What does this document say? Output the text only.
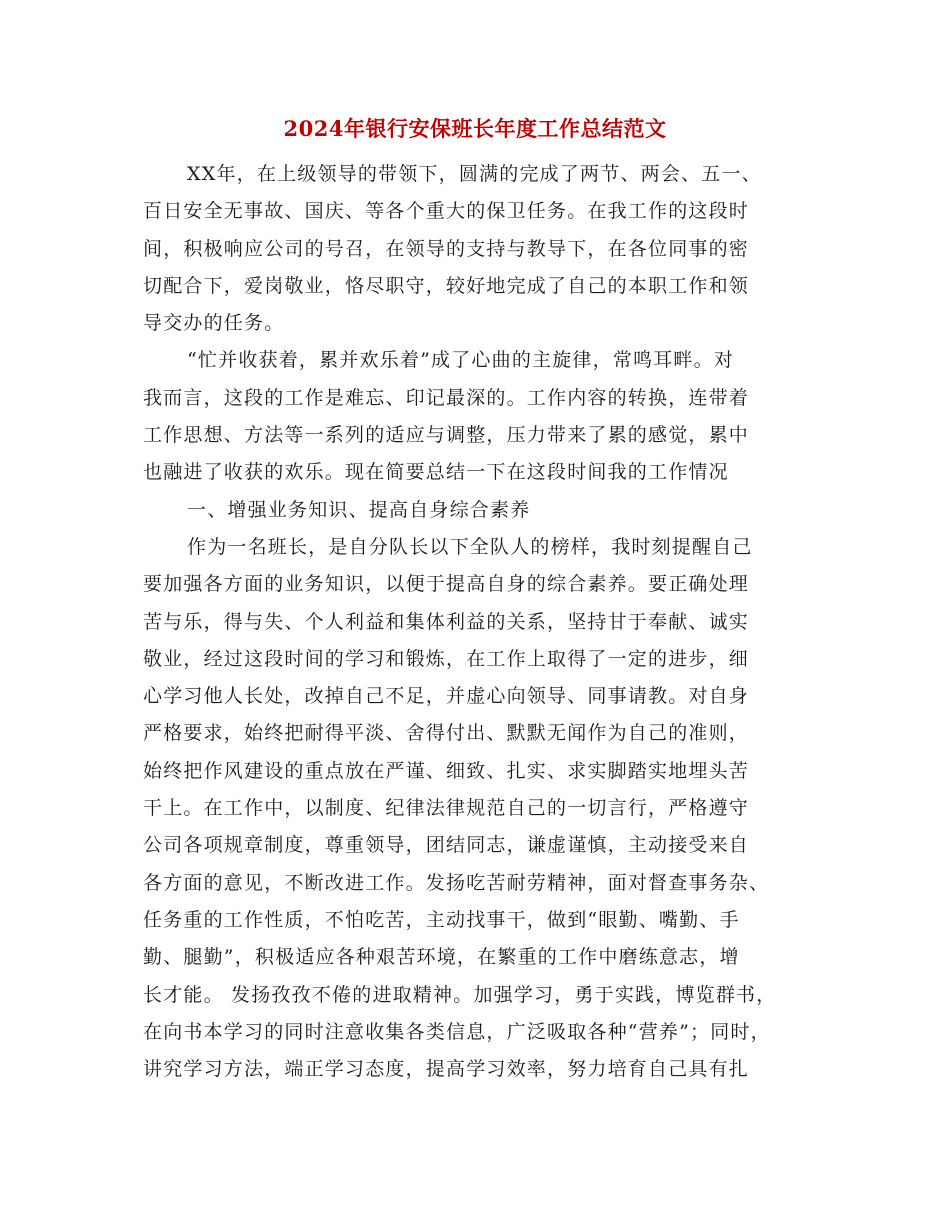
2024年银行安保班长年度工作总结范文
XX年，在上级领导的带领下，圆满的完成了两节、两会、五一、
百日安全无事故、国庆、等各个重大的保卫任务。在我工作的这段时
间，积极响应公司的号召，在领导的支持与教导下，在各位同事的密
切配合下，爱岗敬业，恪尽职守，较好地完成了自己的本职工作和领
导交办的任务。
“忙并收获着，累并欢乐着”成了心曲的主旋律，常鸣耳畔。对
我而言，这段的工作是难忘、印记最深的。工作内容的转换，连带着
工作思想、方法等一系列的适应与调整，压力带来了累的感觉，累中
也融进了收获的欢乐。现在简要总结一下在这段时间我的工作情况
一、增强业务知识、提高自身综合素养
作为一名班长，是自分队长以下全队人的榜样，我时刻提醒自己
要加强各方面的业务知识，以便于提高自身的综合素养。要正确处理
苦与乐，得与失、个人利益和集体利益的关系，坚持甘于奉献、诚实
敬业，经过这段时间的学习和锻炼，在工作上取得了一定的进步，细
心学习他人长处，改掉自己不足，并虚心向领导、同事请教。对自身
严格要求，始终把耐得平淡、舍得付出、默默无闻作为自己的准则，
始终把作风建设的重点放在严谨、细致、扎实、求实脚踏实地埋头苦
干上。在工作中，以制度、纪律法律规范自己的一切言行，严格遵守
公司各项规章制度，尊重领导，团结同志，谦虚谨慎，主动接受来自
各方面的意见，不断改进工作。发扬吃苦耐劳精神，面对督查事务杂、
任务重的工作性质，不怕吃苦，主动找事干，做到“眼勤、嘴勤、手
勤、腿勤”，积极适应各种艰苦环境，在繁重的工作中磨练意志，增
长才能。 发扬孜孜不倦的进取精神。加强学习，勇于实践，博览群书，
在向书本学习的同时注意收集各类信息，广泛吸取各种“营养”；同时，
讲究学习方法，端正学习态度，提高学习效率，努力培育自己具有扎
